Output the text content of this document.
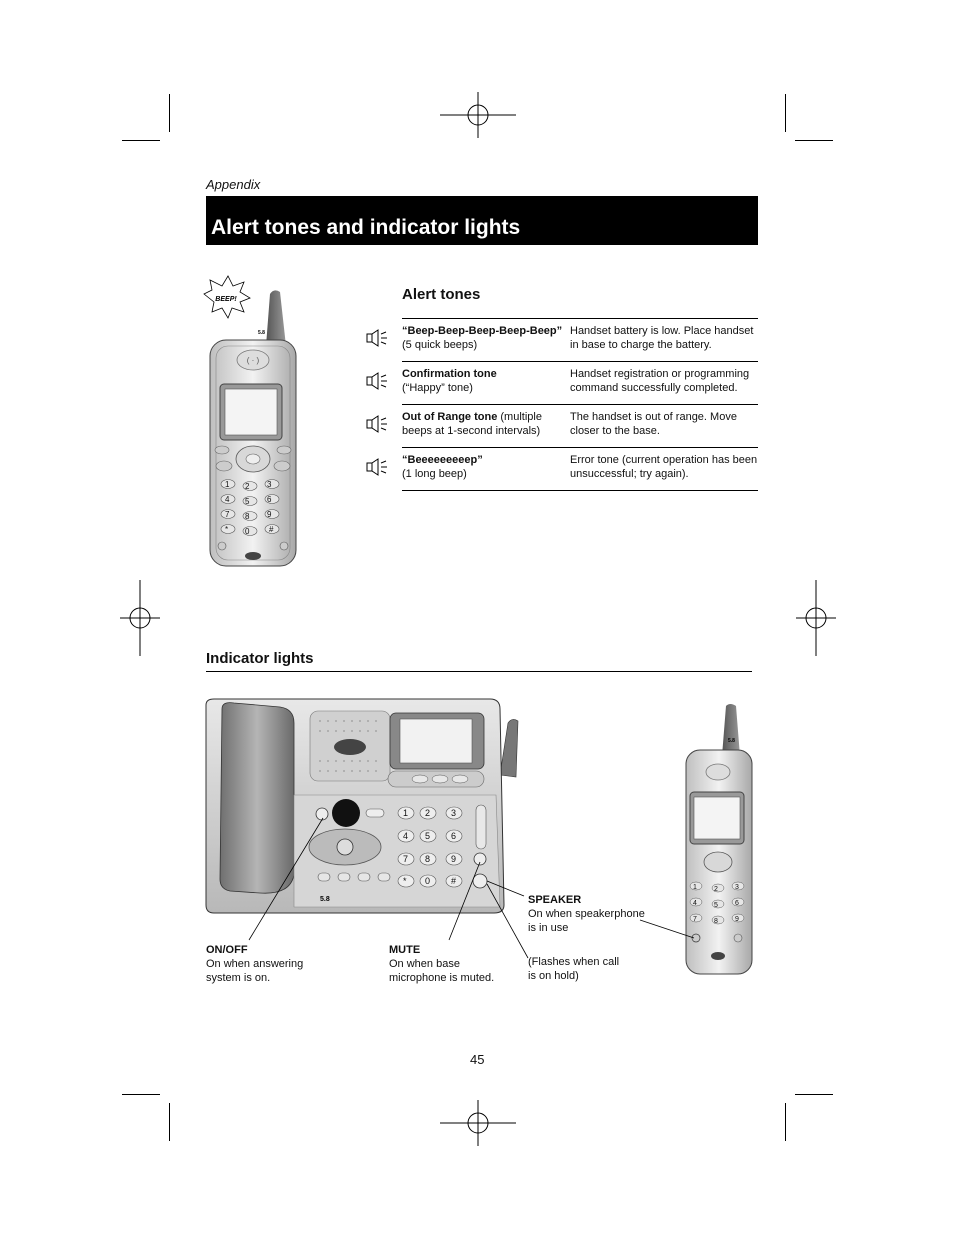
Appendix
Alert tones and indicator lights
BEEP!
5.8
( · )
1 2 3
4 5 6
7 8 9
* 0 #
Alert tones
“Beep-Beep-Beep-Beep-Beep”
(5 quick beeps)
Handset battery is low. Place handset in base to charge the battery.
Confirmation tone
(“Happy” tone)
Handset registration or programming command successfully completed.
Out of Range tone (multiple beeps at 1-second intervals)
The handset is out of range. Move closer to the base.
“Beeeeeeeeep”
(1 long beep)
Error tone (current operation has been unsuccessful; try again).
Indicator lights
1 2 3
4 5 6
7 8 9
* 0 #
5.8
5.8
1 2 3
4 5 6
7 8 9
ON/OFF
On when answering
system is on.
MUTE
On when base
microphone is muted.
SPEAKER
On when speakerphone
is in use
(Flashes when call
is on hold)
45
